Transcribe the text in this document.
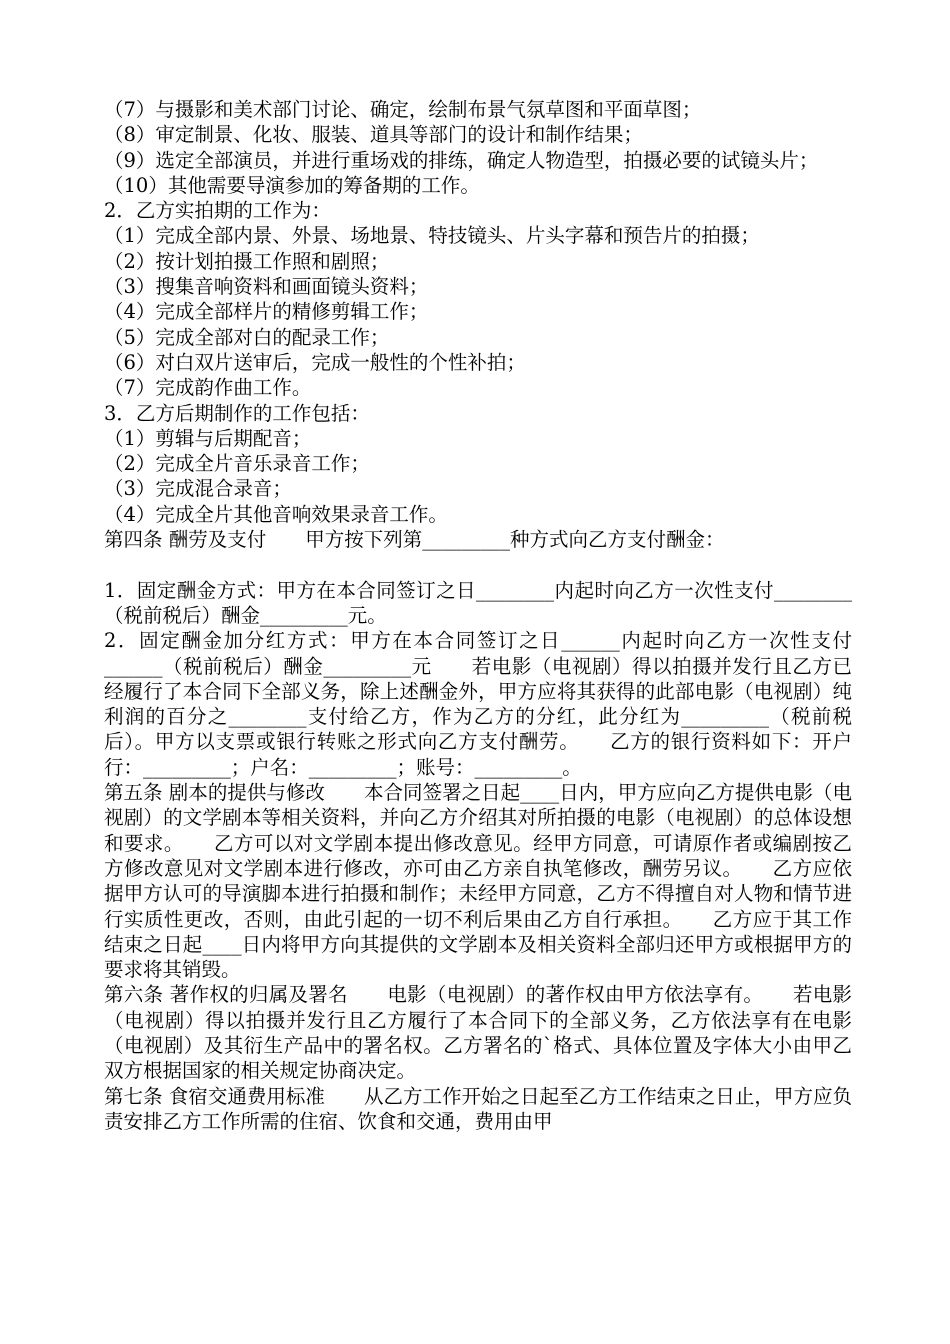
（7）与摄影和美术部门讨论、确定，绘制布景气氛草图和平面草图；
（8）审定制景、化妆、服装、道具等部门的设计和制作结果；
（9）选定全部演员，并进行重场戏的排练，确定人物造型，拍摄必要的试镜头片；
（10）其他需要导演参加的筹备期的工作。
2．乙方实拍期的工作为：
（1）完成全部内景、外景、场地景、特技镜头、片头字幕和预告片的拍摄；
（2）按计划拍摄工作照和剧照；
（3）搜集音响资料和画面镜头资料；
（4）完成全部样片的精修剪辑工作；
（5）完成全部对白的配录工作；
（6）对白双片送审后，完成一般性的个性补拍；
（7）完成韵作曲工作。
3．乙方后期制作的工作包括：
（1）剪辑与后期配音；
（2）完成全片音乐录音工作；
（3）完成混合录音；
（4）完成全片其他音响效果录音工作。
第四条 酬劳及支付　　甲方按下列第_________种方式向乙方支付酬金：
1．固定酬金方式：甲方在本合同签订之日________内起时向乙方一次性支付________（税前税后）酬金_________元。
2．固定酬金加分红方式：甲方在本合同签订之日______内起时向乙方一次性支付______（税前税后）酬金_________元　　若电影（电视剧）得以拍摄并发行且乙方已经履行了本合同下全部义务，除上述酬金外，甲方应将其获得的此部电影（电视剧）纯利润的百分之________支付给乙方，作为乙方的分红，此分红为_________（税前税后）。甲方以支票或银行转账之形式向乙方支付酬劳。　　乙方的银行资料如下：开户行：_________；户名：_________；账号：_________。
第五条 剧本的提供与修改　　本合同签署之日起____日内，甲方应向乙方提供电影（电视剧）的文学剧本等相关资料，并向乙方介绍其对所拍摄的电影（电视剧）的总体设想和要求。　　乙方可以对文学剧本提出修改意见。经甲方同意，可请原作者或编剧按乙方修改意见对文学剧本进行修改，亦可由乙方亲自执笔修改，酬劳另议。　　乙方应依据甲方认可的导演脚本进行拍摄和制作；未经甲方同意，乙方不得擅自对人物和情节进行实质性更改，否则，由此引起的一切不利后果由乙方自行承担。　　乙方应于其工作结束之日起____日内将甲方向其提供的文学剧本及相关资料全部归还甲方或根据甲方的要求将其销毁。
第六条 著作权的归属及署名　　电影（电视剧）的著作权由甲方依法享有。　　若电影（电视剧）得以拍摄并发行且乙方履行了本合同下的全部义务，乙方依法享有在电影（电视剧）及其衍生产品中的署名权。乙方署名的`格式、具体位置及字体大小由甲乙双方根据国家的相关规定协商决定。
第七条 食宿交通费用标准　　从乙方工作开始之日起至乙方工作结束之日止，甲方应负责安排乙方工作所需的住宿、饮食和交通，费用由甲
